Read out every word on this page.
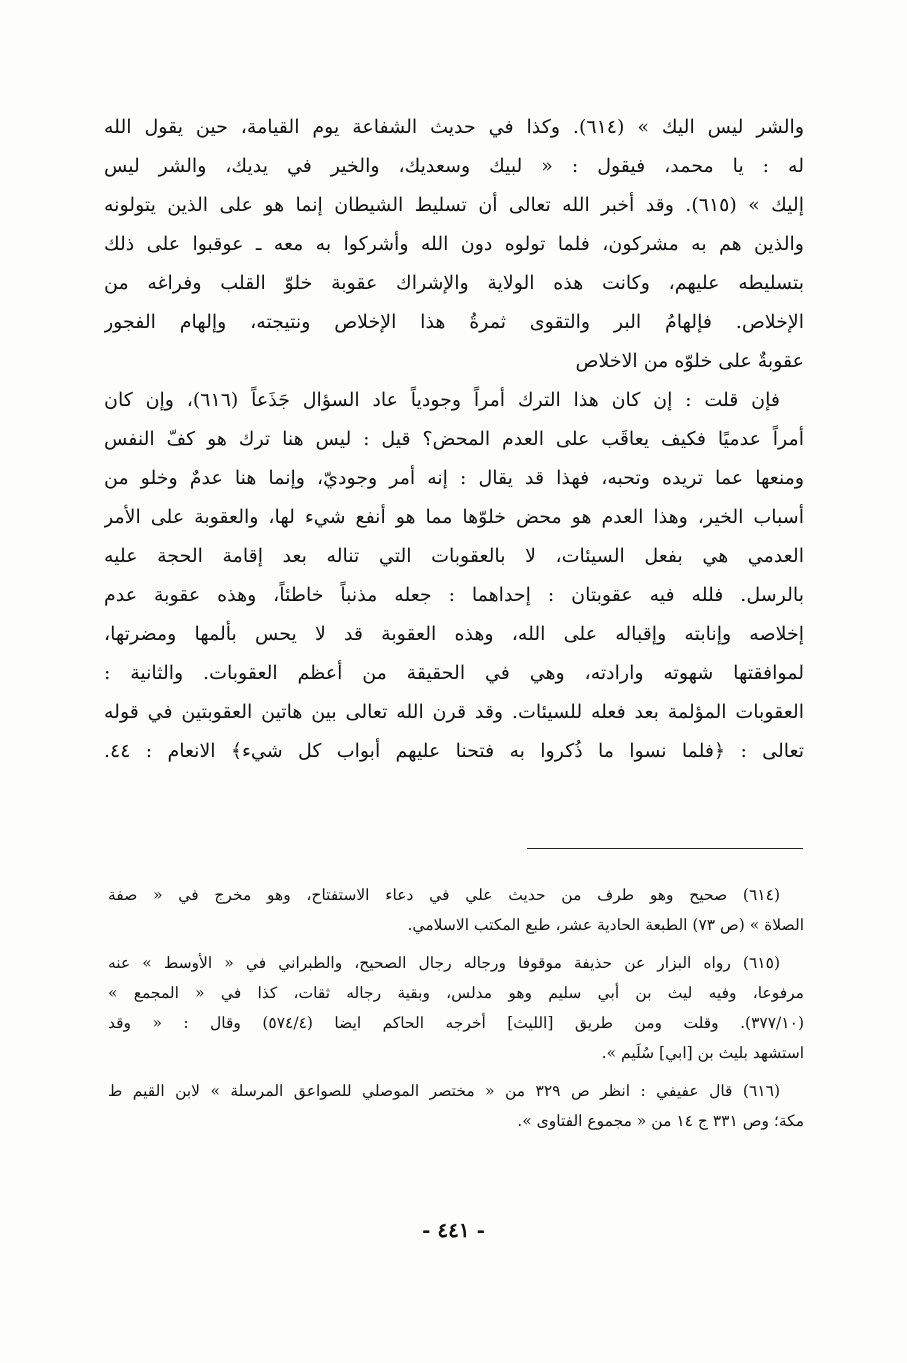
والشر ليس اليك » (٦١٤). وكذا في حديث الشفاعة يوم القيامة، حين يقول الله
له : يا محمد، فيقول : « لبيك وسعديك، والخير في يديك، والشر ليس
إليك » (٦١٥). وقد أخبر الله تعالى أن تسليط الشيطان إنما هو على الذين يتولونه
والذين هم به مشركون، فلما تولوه دون الله وأشركوا به معه ـ عوقبوا على ذلك
بتسليطه عليهم، وكانت هذه الولاية والإشراك عقوبة خلوّ القلب وفراغه من
الإخلاص. فإلهامُ البر والتقوى ثمرةُ هذا الإخلاص ونتيجته، وإلهام الفجور
عقوبةٌ على خلوّه من الاخلاص
فإن قلت : إن كان هذا الترك أمراً وجودياً عاد السؤال جَذَعاً (٦١٦)، وإن كان
أمراً عدميًا فكيف يعاقَب على العدم المحض؟ قيل : ليس هنا ترك هو كفّ النفس
ومنعها عما تريده وتحبه، فهذا قد يقال : إنه أمر وجوديّ، وإنما هنا عدمٌ وخلو من
أسباب الخير، وهذا العدم هو محض خلوّها مما هو أنفع شيء لها، والعقوبة على الأمر
العدمي هي بفعل السيئات، لا بالعقوبات التي تناله بعد إقامة الحجة عليه
بالرسل. فلله فيه عقوبتان : إحداهما : جعله مذنباً خاطئاً، وهذه عقوبة عدم
إخلاصه وإنابته وإقباله على الله، وهذه العقوبة قد لا يحس بألمها ومضرتها،
لموافقتها شهوته وارادته، وهي في الحقيقة من أعظم العقوبات. والثانية :
العقوبات المؤلمة بعد فعله للسيئات. وقد قرن الله تعالى بين هاتين العقوبتين في قوله
تعالى : ﴿فلما نسوا ما ذُكروا به فتحنا عليهم أبواب كل شيء﴾ الانعام : ٤٤.
(٦١٤) صحيح وهو طرف من حديث علي في دعاء الاستفتاح، وهو مخرج في « صفة
الصلاة » (ص ٧٣) الطبعة الحادية عشر، طبع المكتب الاسلامي.
(٦١٥) رواه البزار عن حذيفة موقوفا ورجاله رجال الصحيح، والطبراني في « الأوسط » عنه
مرفوعا، وفيه ليث بن أبي سليم وهو مدلس، وبقية رجاله ثقات، كذا في « المجمع »
(٣٧٧/١٠). وقلت ومن طريق [الليث] أخرجه الحاكم ايضا (٥٧٤/٤) وقال : « وقد
استشهد بليث بن [ابي] سُلَيم ».
(٦١٦) قال عفيفي : انظر ص ٣٢٩ من « مختصر الموصلي للصواعق المرسلة » لابن القيم ط
مكة؛ وص ٣٣١ ج ١٤ من « مجموع الفتاوى ».
- ٤٤١ -
